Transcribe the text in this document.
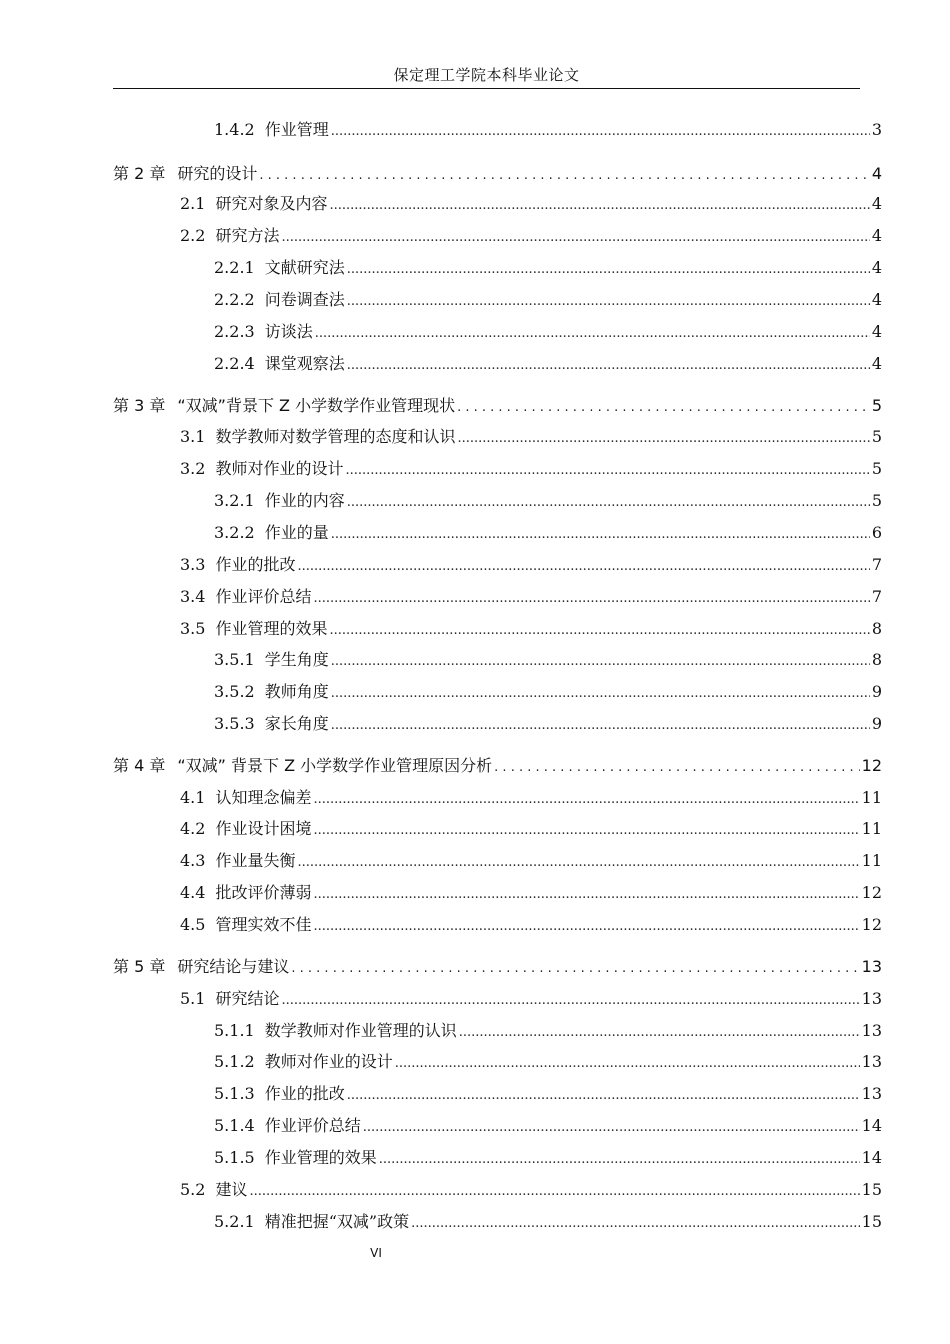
保定理工学院本科毕业论文
1.4.2 作业管理 .....	3
第 2 章 研究的设计 . . .	4
2.1 研究对象及内容 .....	4
2.2 研究方法 .....	4
2.2.1 文献研究法 .....	4
2.2.2 问卷调查法 .....	4
2.2.3 访谈法 .....	4
2.2.4 课堂观察法 .....	4
第 3 章 “双减”背景下 Z 小学数学作业管理现状 . . .	5
3.1 数学教师对数学管理的态度和认识 .....	5
3.2 教师对作业的设计 .....	5
3.2.1 作业的内容 .....	5
3.2.2 作业的量 .....	6
3.3 作业的批改 .....	7
3.4 作业评价总结 .....	7
3.5 作业管理的效果 .....	8
3.5.1 学生角度 .....	8
3.5.2 教师角度 .....	9
3.5.3 家长角度 .....	9
第 4 章 “双减” 背景下 Z 小学数学作业管理原因分析 . . .	12
4.1 认知理念偏差 .....	11
4.2 作业设计困境 .....	11
4.3 作业量失衡 .....	11
4.4 批改评价薄弱 .....	12
4.5 管理实效不佳 .....	12
第 5 章 研究结论与建议 . . .	13
5.1 研究结论 .....	13
5.1.1 数学教师对作业管理的认识 .....	13
5.1.2 教师对作业的设计 .....	13
5.1.3 作业的批改 .....	13
5.1.4 作业评价总结 .....	14
5.1.5 作业管理的效果 .....	14
5.2 建议 .....	15
5.2.1 精准把握“双减”政策 .....	15
VI
